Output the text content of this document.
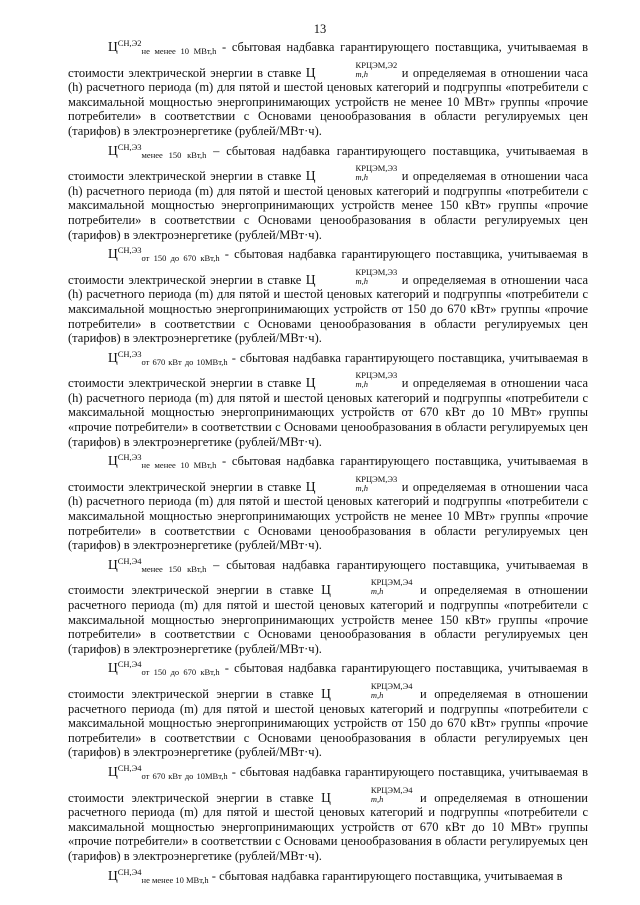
13

$Ц^{СН,Э2}_{не менее 10 МВт,h}$ - сбытовая надбавка гарантирующего поставщика, учитываемая в стоимости электрической энергии в ставке Ц	КРЦЭМ,Э2
m,h	и определяемая в отношении часа (h) расчетного периода (m) для пятой и шестой ценовых категорий и подгруппы «потребители с максимальной мощностью энергопринимающих устройств не менее 10 МВт» группы «прочие потребители» в соответствии с Основами ценообразования в области регулируемых цен (тарифов) в электроэнергетике (рублей/МВт·ч).

$Ц^{СН,Э3}_{менее 150 кВт,h}$ – сбытовая надбавка гарантирующего поставщика, учитываемая в стоимости электрической энергии в ставке Ц	КРЦЭМ,Э3
m,h	и определяемая в отношении часа (h) расчетного периода (m) для пятой и шестой ценовых категорий и подгруппы «потребители с максимальной мощностью энергопринимающих устройств менее 150 кВт» группы «прочие потребители» в соответствии с Основами ценообразования в области регулируемых цен (тарифов) в электроэнергетике (рублей/МВт·ч).

$Ц^{СН,Э3}_{от 150 до 670 кВт,h}$ - сбытовая надбавка гарантирующего поставщика, учитываемая в стоимости электрической энергии в ставке Ц	КРЦЭМ,Э3
m,h	и определяемая в отношении часа (h) расчетного периода (m) для пятой и шестой ценовых категорий и подгруппы «потребители с максимальной мощностью энергопринимающих устройств от 150 до 670 кВт» группы «прочие потребители» в соответствии с Основами ценообразования в области регулируемых цен (тарифов) в электроэнергетике (рублей/МВт·ч).

$Ц^{СН,Э3}_{от 670 кВт до 10МВт,h}$ - сбытовая надбавка гарантирующего поставщика, учитываемая в стоимости электрической энергии в ставке Ц	КРЦЭМ,Э3
m,h	и определяемая в отношении часа (h) расчетного периода (m) для пятой и шестой ценовых категорий и подгруппы «потребители с максимальной мощностью энергопринимающих устройств от 670 кВт до 10 МВт» группы «прочие потребители» в соответствии с Основами ценообразования в области регулируемых цен (тарифов) в электроэнергетике (рублей/МВт·ч).

$Ц^{СН,Э3}_{не менее 10 МВт,h}$ - сбытовая надбавка гарантирующего поставщика, учитываемая в стоимости электрической энергии в ставке Ц	КРЦЭМ,Э3
m,h	и определяемая в отношении часа (h) расчетного периода (m) для пятой и шестой ценовых категорий и подгруппы «потребители с максимальной мощностью энергопринимающих устройств не менее 10 МВт» группы «прочие потребители» в соответствии с Основами ценообразования в области регулируемых цен (тарифов) в электроэнергетике (рублей/МВт·ч).

$Ц^{СН,Э4}_{менее 150 кВт,h}$ – сбытовая надбавка гарантирующего поставщика, учитываемая в стоимости электрической энергии в ставке Ц	КРЦЭМ,Э4
m,h	и определяемая в отношении расчетного периода (m) для пятой и шестой ценовых категорий и подгруппы «потребители с максимальной мощностью энергопринимающих устройств менее 150 кВт» группы «прочие потребители» в соответствии с Основами ценообразования в области регулируемых цен (тарифов) в электроэнергетике (рублей/МВт·ч).

$Ц^{СН,Э4}_{от 150 до 670 кВт,h}$ - сбытовая надбавка гарантирующего поставщика, учитываемая в стоимости электрической энергии в ставке Ц	КРЦЭМ,Э4
m,h	и определяемая в отношении расчетного периода (m) для пятой и шестой ценовых категорий и подгруппы «потребители с максимальной мощностью энергопринимающих устройств от 150 до 670 кВт» группы «прочие потребители» в соответствии с Основами ценообразования в области регулируемых цен (тарифов) в электроэнергетике (рублей/МВт·ч).

$Ц^{СН,Э4}_{от 670 кВт до 10МВт,h}$ - сбытовая надбавка гарантирующего поставщика, учитываемая в стоимости электрической энергии в ставке Ц	КРЦЭМ,Э4
m,h	и определяемая в отношении расчетного периода (m) для пятой и шестой ценовых категорий и подгруппы «потребители с максимальной мощностью энергопринимающих устройств от 670 кВт до 10 МВт» группы «прочие потребители» в соответствии с Основами ценообразования в области регулируемых цен (тарифов) в электроэнергетике (рублей/МВт·ч).

$Ц^{СН,Э4}_{не менее 10 МВт,h}$ - сбытовая надбавка гарантирующего поставщика, учитываемая в
